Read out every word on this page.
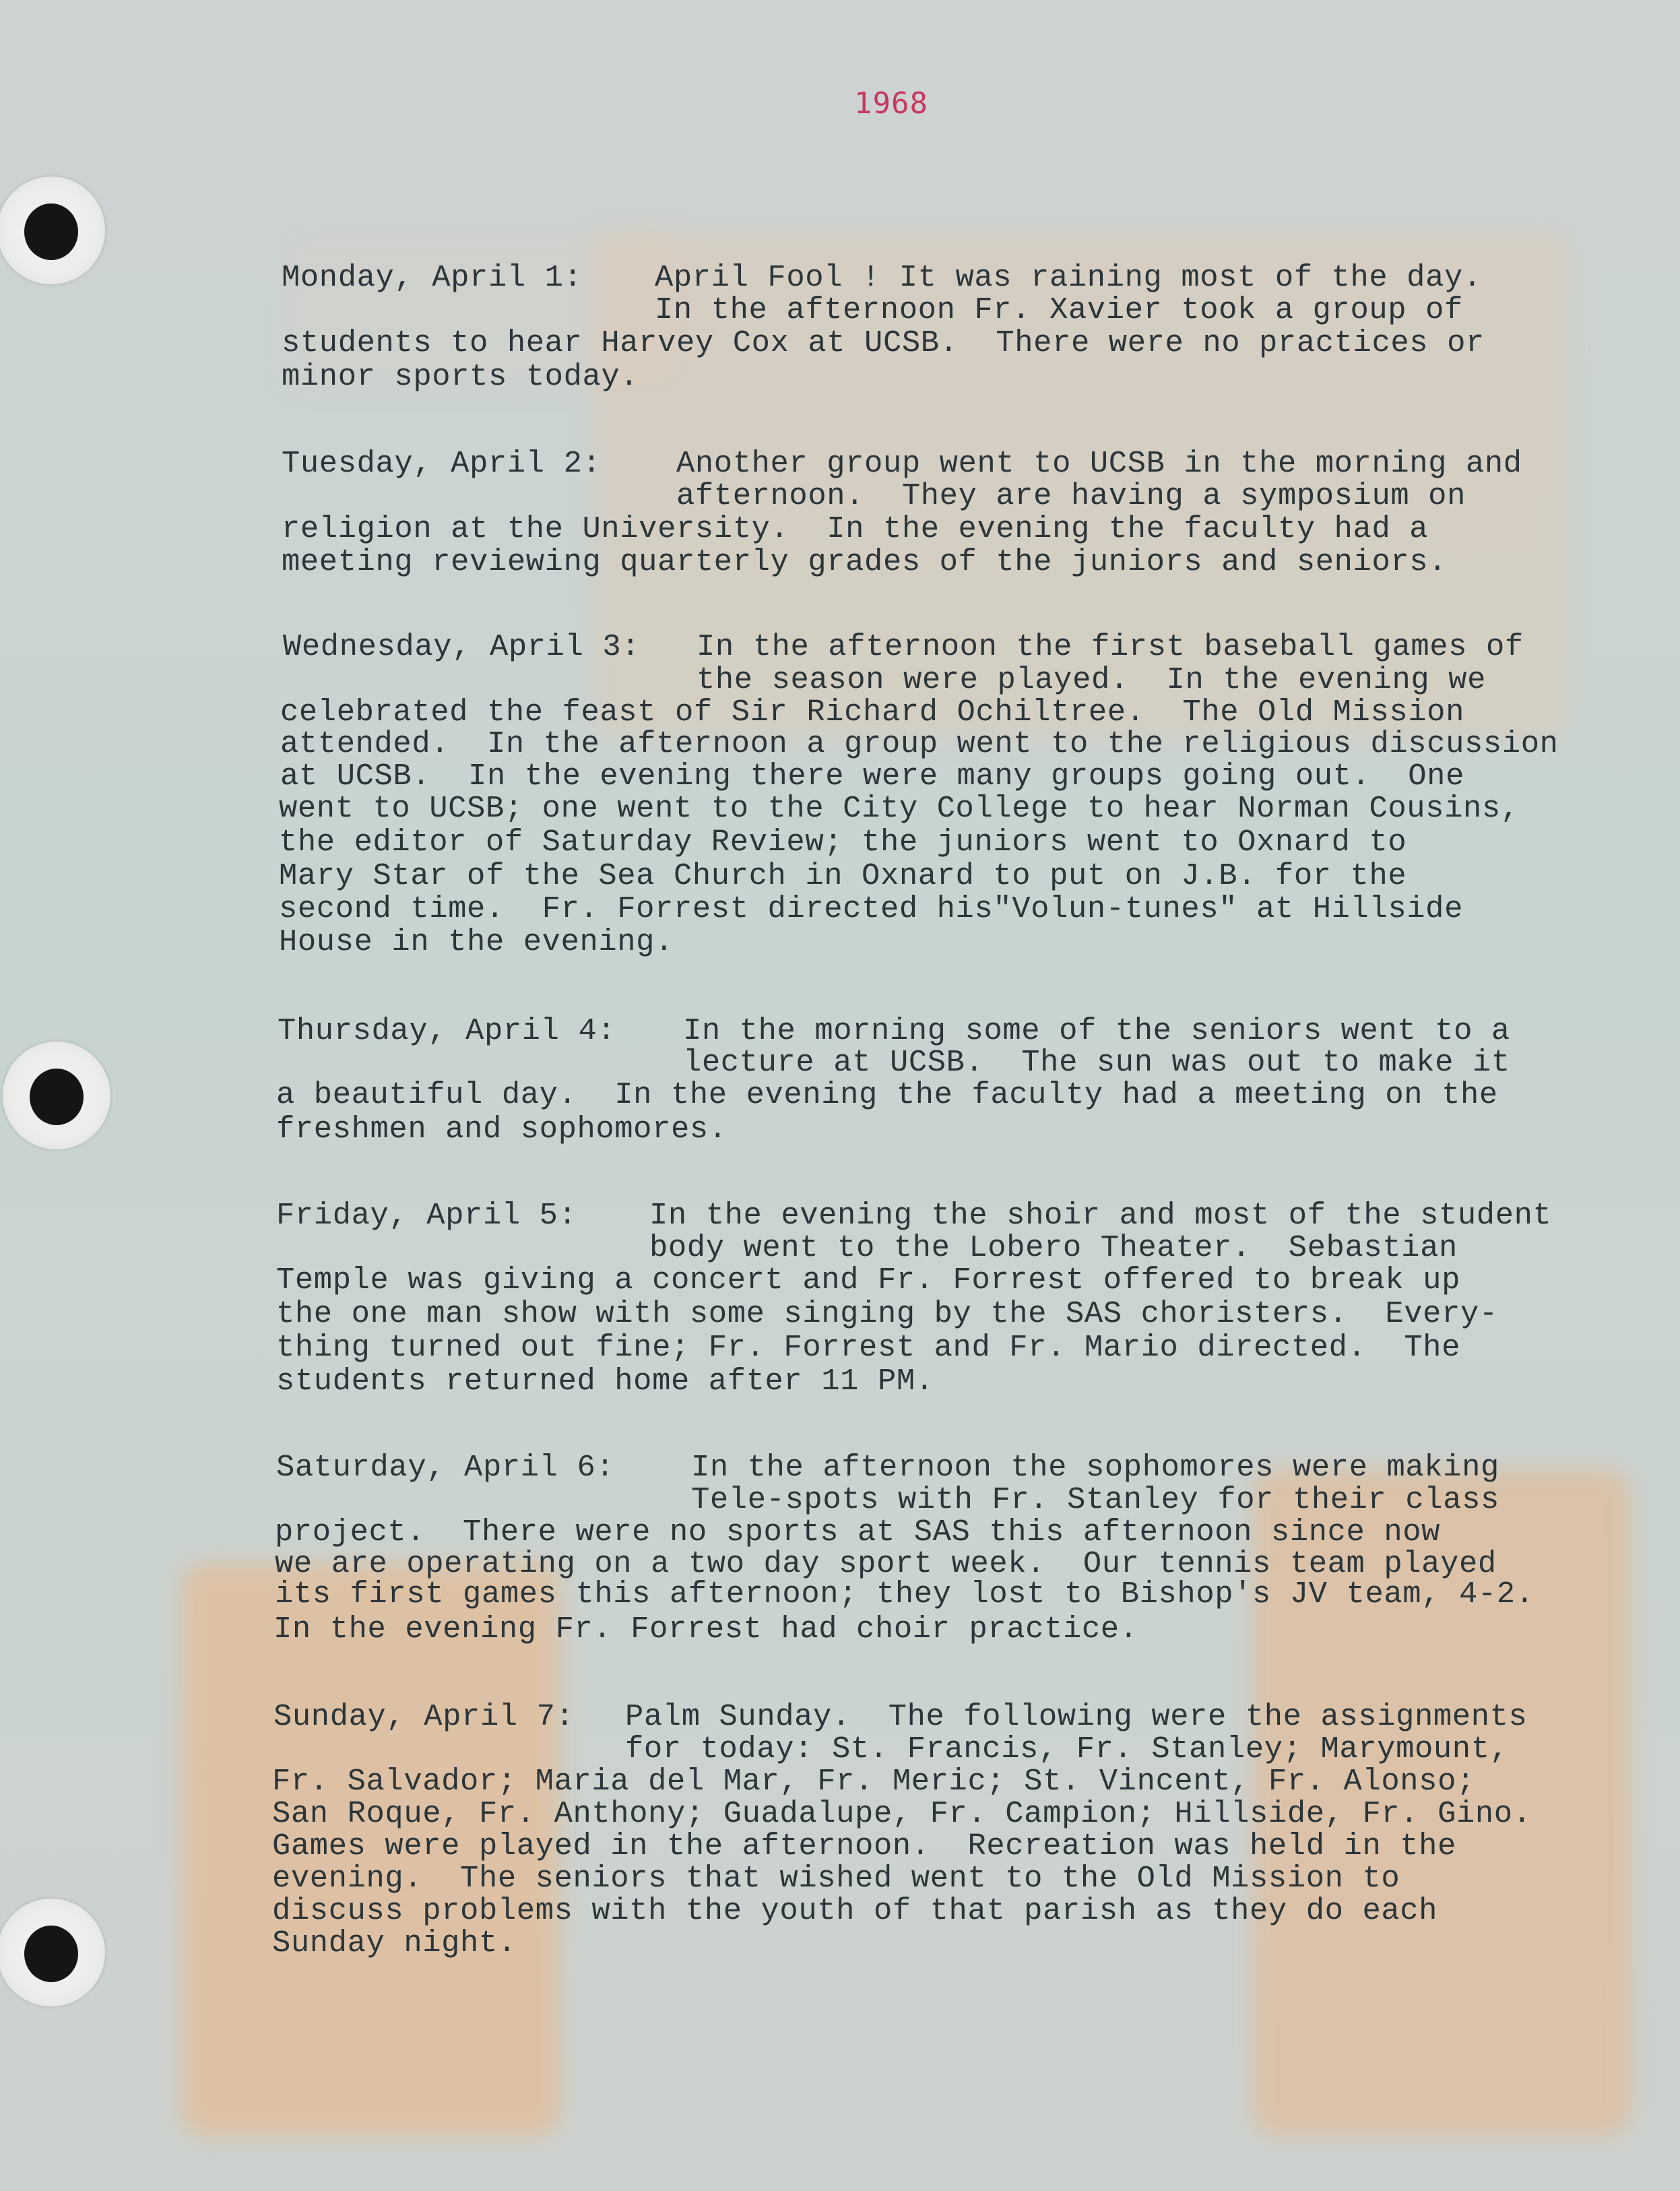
1968
Monday, April 1: April Fool ! It was raining most of the day.
In the afternoon Fr. Xavier took a group of
students to hear Harvey Cox at UCSB.  There were no practices or
minor sports today.
Tuesday, April 2: Another group went to UCSB in the morning and
afternoon.  They are having a symposium on
religion at the University.  In the evening the faculty had a
meeting reviewing quarterly grades of the juniors and seniors.
Wednesday, April 3: In the afternoon the first baseball games of
the season were played.  In the evening we
celebrated the feast of Sir Richard Ochiltree.  The Old Mission
attended.  In the afternoon a group went to the religious discussion
at UCSB.  In the evening there were many groups going out.  One
went to UCSB; one went to the City College to hear Norman Cousins,
the editor of Saturday Review; the juniors went to Oxnard to
Mary Star of the Sea Church in Oxnard to put on J.B. for the
second time.  Fr. Forrest directed his"Volun-tunes" at Hillside
House in the evening.
Thursday, April 4: In the morning some of the seniors went to a
lecture at UCSB.  The sun was out to make it
a beautiful day.  In the evening the faculty had a meeting on the
freshmen and sophomores.
Friday, April 5: In the evening the shoir and most of the student
body went to the Lobero Theater.  Sebastian
Temple was giving a concert and Fr. Forrest offered to break up
the one man show with some singing by the SAS choristers.  Every-
thing turned out fine; Fr. Forrest and Fr. Mario directed.  The
students returned home after 11 PM.
Saturday, April 6: In the afternoon the sophomores were making
Tele-spots with Fr. Stanley for their class
project.  There were no sports at SAS this afternoon since now
we are operating on a two day sport week.  Our tennis team played
its first games this afternoon; they lost to Bishop's JV team, 4-2.
In the evening Fr. Forrest had choir practice.
Sunday, April 7: Palm Sunday.  The following were the assignments
for today: St. Francis, Fr. Stanley; Marymount,
Fr. Salvador; Maria del Mar, Fr. Meric; St. Vincent, Fr. Alonso;
San Roque, Fr. Anthony; Guadalupe, Fr. Campion; Hillside, Fr. Gino.
Games were played in the afternoon.  Recreation was held in the
evening.  The seniors that wished went to the Old Mission to
discuss problems with the youth of that parish as they do each
Sunday night.
